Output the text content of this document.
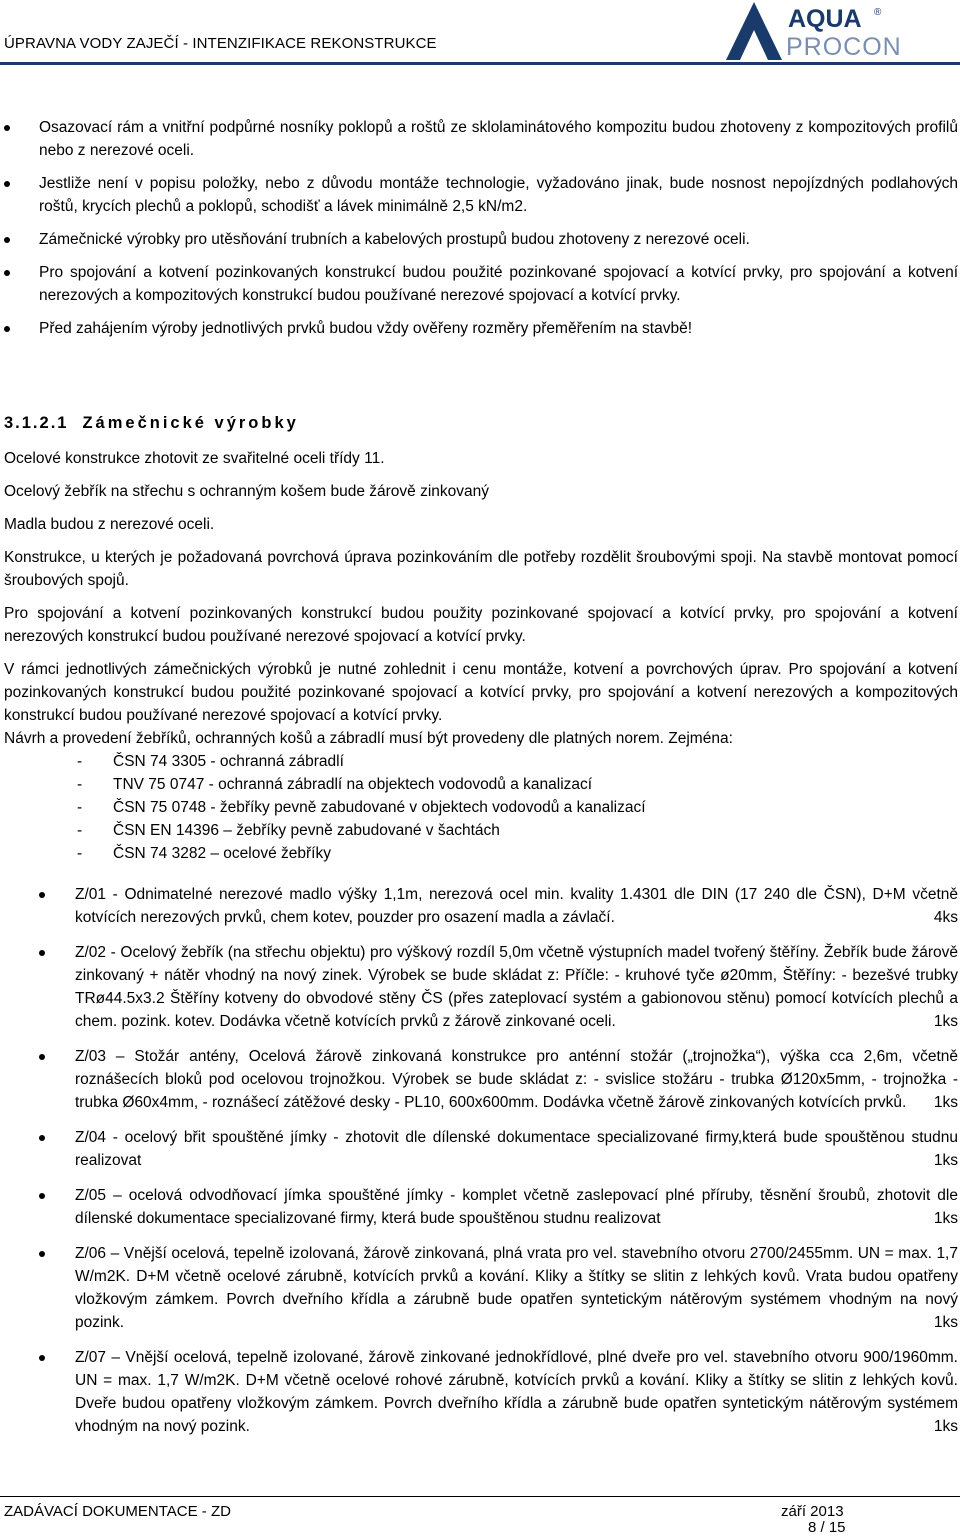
ÚPRAVNA VODY ZAJEČÍ - INTENZIFIKACE REKONSTRUKCE
AQUA ®
PROCON
Osazovací rám a vnitřní podpůrné nosníky poklopů a roštů ze sklolaminátového kompozitu budou zhotoveny z kompozitových profilů nebo z nerezové oceli.
Jestliže není v popisu položky, nebo z důvodu montáže technologie, vyžadováno jinak, bude nosnost nepojízdných podlahových roštů, krycích plechů a poklopů, schodišť a lávek minimálně 2,5 kN/m2.
Zámečnické výrobky pro utěsňování trubních a kabelových prostupů budou zhotoveny z nerezové oceli.
Pro spojování a kotvení pozinkovaných konstrukcí budou použité pozinkované spojovací a kotvící prvky, pro spojování a kotvení nerezových a kompozitových konstrukcí budou používané nerezové spojovací a kotvící prvky.
Před zahájením výroby jednotlivých prvků budou vždy ověřeny rozměry přeměřením na stavbě!
3.1.2.1 Zámečnické výrobky

Ocelové konstrukce zhotovit ze svařitelné oceli třídy 11.

Ocelový žebřík na střechu s ochranným košem bude žárově zinkovaný

Madla budou z nerezové oceli.

Konstrukce, u kterých je požadovaná povrchová úprava pozinkováním dle potřeby rozdělit šroubovými spoji. Na stavbě montovat pomocí šroubových spojů.

Pro spojování a kotvení pozinkovaných konstrukcí budou použity pozinkované spojovací a kotvící prvky, pro spojování a kotvení nerezových konstrukcí budou používané nerezové spojovací a kotvící prvky.

V rámci jednotlivých zámečnických výrobků je nutné zohlednit i cenu montáže, kotvení a povrchových úprav. Pro spojování a kotvení pozinkovaných konstrukcí budou použité pozinkované spojovací a kotvící prvky, pro spojování a kotvení nerezových a kompozitových konstrukcí budou používané nerezové spojovací a kotvící prvky.

Návrh a provedení žebříků, ochranných košů a zábradlí musí být provedeny dle platných norem. Zejména:

- ČSN 74 3305 - ochranná zábradlí
- TNV 75 0747 - ochranná zábradlí na objektech vodovodů a kanalizací
- ČSN 75 0748 - žebříky pevně zabudované v objektech vodovodů a kanalizací
- ČSN EN 14396 – žebříky pevně zabudované v šachtách
- ČSN 74 3282 – ocelové žebříky
Z/01 - Odnimatelné nerezové madlo výšky 1,1m, nerezová ocel min. kvality 1.4301 dle DIN (17 240 dle ČSN), D+M včetně kotvících nerezových prvků, chem kotev, pouzder pro osazení madla a závlačí.	4ks
Z/02 - Ocelový žebřík (na střechu objektu) pro výškový rozdíl 5,0m včetně výstupních madel tvořený štěříny. Žebřík bude žárově zinkovaný + nátěr vhodný na nový zinek. Výrobek se bude skládat z: Příčle: - kruhové tyče ø20mm, Štěříny: - bezešvé trubky TRø44.5x3.2 Štěříny kotveny do obvodové stěny ČS (přes zateplovací systém a gabionovou stěnu) pomocí kotvících plechů a chem. pozink. kotev. Dodávka včetně kotvících prvků z žárově zinkované oceli.	1ks
Z/03 – Stožár antény, Ocelová žárově zinkovaná konstrukce pro anténní stožár („trojnožka“), výška cca 2,6m, včetně roznášecích bloků pod ocelovou trojnožkou. Výrobek se bude skládat z: - svislice stožáru - trubka Ø120x5mm, - trojnožka - trubka Ø60x4mm, - roznášecí zátěžové desky - PL10, 600x600mm. Dodávka včetně žárově zinkovaných kotvících prvků. 1ks
Z/04 - ocelový břit spouštěné jímky - zhotovit dle dílenské dokumentace specializované firmy,která bude spouštěnou studnu realizovat	1ks
Z/05 – ocelová odvodňovací jímka spouštěné jímky - komplet včetně zaslepovací plné příruby, těsnění šroubů, zhotovit dle dílenské dokumentace specializované firmy, která bude spouštěnou studnu realizovat	1ks
Z/06 – Vnější ocelová, tepelně izolovaná, žárově zinkovaná, plná vrata pro vel. stavebního otvoru 2700/2455mm. UN = max. 1,7 W/m2K. D+M včetně ocelové zárubně, kotvících prvků a kování. Kliky a štítky se slitin z lehkých kovů. Vrata budou opatřeny vložkovým zámkem. Povrch dveřního křídla a zárubně bude opatřen syntetickým nátěrovým systémem vhodným na nový pozink.	1ks
Z/07 – Vnější ocelová, tepelně izolované, žárově zinkované jednokřídlové, plné dveře pro vel. stavebního otvoru 900/1960mm. UN = max. 1,7 W/m2K. D+M včetně ocelové rohové zárubně, kotvících prvků a kování. Kliky a štítky se slitin z lehkých kovů. Dveře budou opatřeny vložkovým zámkem. Povrch dveřního křídla a zárubně bude opatřen syntetickým nátěrovým systémem vhodným na nový pozink.	1ks
ZADÁVACÍ DOKUMENTACE - ZD	září 2013
8 / 15
